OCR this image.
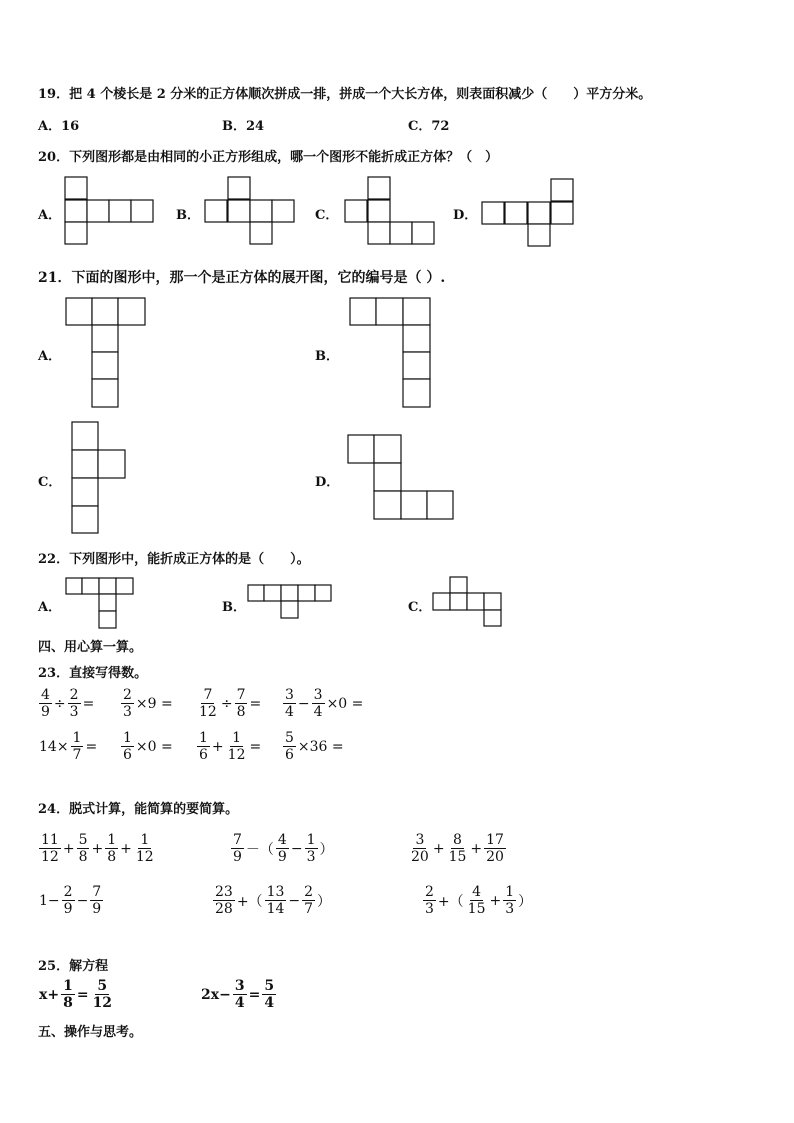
19．把 4 个棱长是 2 分米的正方体顺次拼成一排，拼成一个大长方体，则表面积减少（　　）平方分米。
A．16	B．24	C．72
20．下列图形都是由相同的小正方形组成，哪一个图形不能折成正方体？（　）
A．	B．	C．	D．
21．下面的图形中，那一个是正方体的展开图，它的编号是（ ）.
A．	B．
C．	D．
22．下列图形中，能折成正方体的是（　　）。
A．	B．	C．
四、用心算一算。
23．直接写得数。
$\frac{4}{9} \div \frac{2}{3} = \frac{2}{3} \times 9 = \frac{7}{12} \div \frac{7}{8} = \frac{3}{4} - \frac{3}{4} \times 0$ =
$14\times \frac{1}{7} = \frac{1}{6} \times 0 = \frac{1}{6} + \frac{1}{12} = \frac{5}{6} \times 36$ =
24．脱式计算，能简算的要简算。
$\frac{11}{12} + \frac{5}{8} + \frac{1}{8} + \frac{1}{12}$	$\frac{7}{9}$ －（ $\frac{4}{9} - \frac{1}{3}$ ）	$\frac{3}{20} + \frac{8}{15} + \frac{17}{20}$
$1- \frac{2}{9} - \frac{7}{9}$	$\frac{23}{28}$ +（ $\frac{13}{14} - \frac{2}{7}$ ）	$\frac{2}{3}$ +（ $\frac{4}{15} + \frac{1}{3}$ ）
25．解方程
$x+ \frac{1}{8} = \frac{5}{12}$	$2x- \frac{3}{4} = \frac{5}{4}$
五、操作与思考。
